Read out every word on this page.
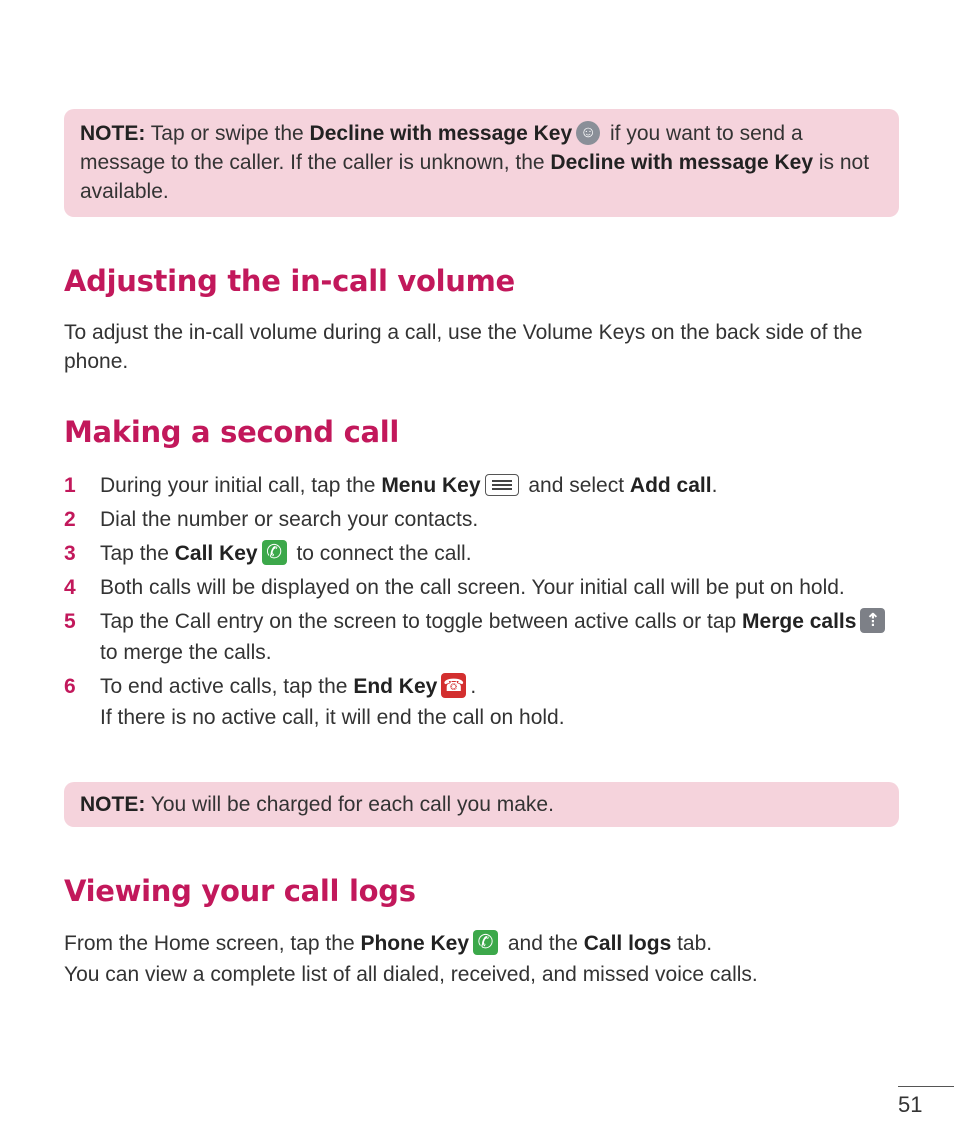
NOTE: Tap or swipe the Decline with message Key☺ if you want to send a message to the caller. If the caller is unknown, the Decline with message Key is not available.
Adjusting the in-call volume
To adjust the in-call volume during a call, use the Volume Keys on the back side of the phone.
Making a second call
1	During your initial call, tap the Menu Key and select Add call.
2	Dial the number or search your contacts.
3	Tap the Call Key✆ to connect the call.
4	Both calls will be displayed on the call screen. Your initial call will be put on hold.
5	Tap the Call entry on the screen to toggle between active calls or tap Merge calls⇡ to merge the calls.
6	To end active calls, tap the End Key☎ .
If there is no active call, it will end the call on hold.
NOTE: You will be charged for each call you make.
Viewing your call logs
From the Home screen, tap the Phone Key✆ and the Call logs tab.
You can view a complete list of all dialed, received, and missed voice calls.
51
